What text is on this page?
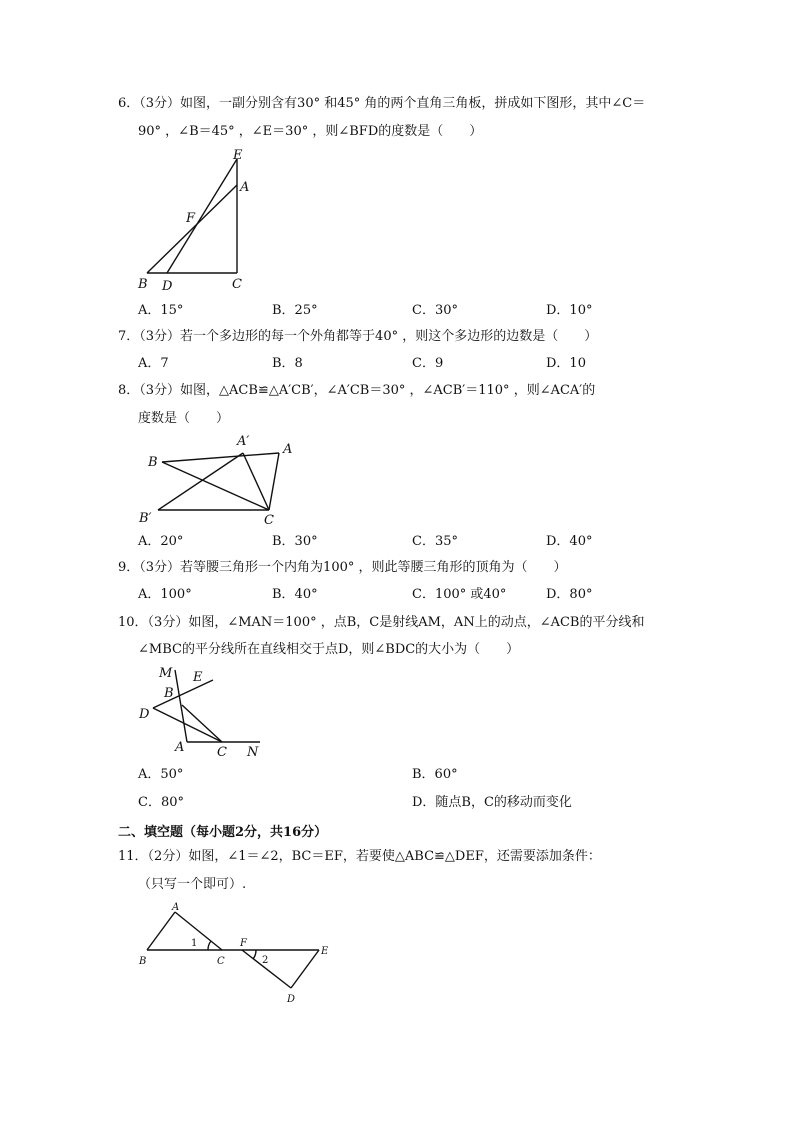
6．（3分）如图，一副分别含有30° 和45° 角的两个直角三角板，拼成如下图形，其中∠C＝
90° ，∠B＝45° ，∠E＝30° ，则∠BFD的度数是（　　）
E
A
F
B D	C
A．15°	B．25°	C．30°	D．10°
7．（3分）若一个多边形的每一个外角都等于40° ，则这个多边形的边数是（　　）
A．7	B．8	C．9	D．10
8．（3分）如图，△ACB≌△A′CB′，∠A′CB＝30° ，∠ACB′＝110° ，则∠ACA′的
度数是（　　）
A′
A
B
B′	C
A．20°	B．30°	C．35°	D．40°
9．（3分）若等腰三角形一个内角为100° ，则此等腰三角形的顶角为（　　）
A．100°	B．40°	C．100° 或40°	D．80°
10．（3分）如图，∠MAN＝100° ，点B，C是射线AM，AN上的动点，∠ACB的平分线和
∠MBC的平分线所在直线相交于点D，则∠BDC的大小为（　　）
M E
B
D
A	C N
A．50°	B．60°
C．80°	D．随点B，C的移动而变化
二、填空题（每小题2分，共16分）
11．（2分）如图，∠1＝∠2，BC＝EF，若要使△ABC≌△DEF，还需要添加条件：
（只写一个即可）.
A
B	C
F
E
D
1
2
